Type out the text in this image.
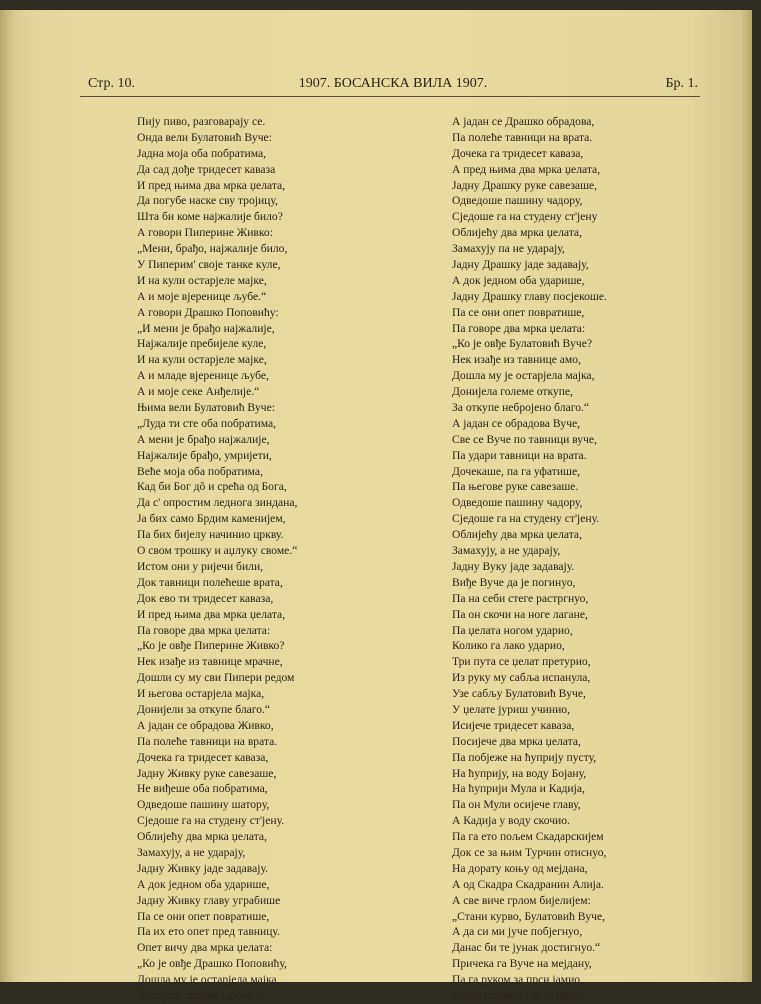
1907. БОСАНСКА ВИЛА 1907.
Стр. 10.	Бр. 1.
Пију пиво, разговарају се.
Онда вели Булатовић Вуче:
Јадна моја оба побратима,
Да сад дође тридесет каваза
И пред њима два мрка џелата,
Да погубе наске сву тројицу,
Шта би коме најжалије било?
А говори Пиперине Живко:
„Мени, брађо, најжалије било,
У Пиперим' своје танке куле,
И на кули остарјеле мајке,
А и моје вјеренице љубе.“
А говори Драшко Поповићу:
„И мени је брађо најжалије,
Најжалије пребијеле куле,
И на кули остарјеле мајке,
А и младе вјеренице љубе,
А и моје секе Анђелије.“
Њима вели Булатовић Вуче:
„Луда ти сте оба побратима,
А мени је брађо најжалије,
Најжалије брађо, умријети,
Веће моја оба побратима,
Кад би Бог дô и срећа од Бога,
Да с' опростим леднога зиндана,
Ја бих само Брдим каменијем,
Па бих бијелу начинио цркву.
О свом трошку и аџлуку своме.“
Истом они у ријечи били,
Док тавници полећеше врата,
Док ево ти тридесет каваза,
И пред њима два мрка џелата,
Па говоре два мрка џелата:
„Ко је овђе Пиперине Живко?
Нек изађе из тавнице мрачне,
Дошли су му сви Пипери редом
И његова остарјела мајка,
Донијели за откупе благо.“
А јадан се обрадова Живко,
Па полеће тавници на врата.
Дочека га тридесет каваза,
Јадну Живку руке савезаше,
Не виђеше оба побратима,
Одведоше пашину шатору,
Сједоше га на студену ст'јену.
Облијећу два мрка џелата,
Замахују, а не ударају,
Јадну Живку јаде задавају.
А док једном оба ударише,
Јадну Живку главу уграбише
Па се они опет повратише,
Па их ето опет пред тавницу.
Опет вичу два мрка џелата:
„Ко је овђе Драшко Поповићу,
Дошла му је остарјела мајка,
Донијела големе одкупе.“
А јадан се Драшко обрадова,
Па полеће тавници на врата.
Дочека га тридесет каваза,
А пред њима два мрка џелата,
Јадну Драшку руке савезаше,
Одведоше пашину чадору,
Сједоше га на студену ст'јену
Облијећу два мрка џелата,
Замахују па не ударају,
Јадну Драшку јаде задавају,
А док једном оба ударише,
Јадну Драшку главу посјекоше.
Па се они опет повратише,
Па говоре два мрка џелата:
„Ко је овђе Булатовић Вуче?
Нек изађе из тавнице амо,
Дошла му је остарјела мајка,
Донијела големе откупе,
За откупе небројено благо.“
А јадан се обрадова Вуче,
Све се Вуче по тавници вуче,
Па удари тавници на врата.
Дочекаше, па га уфатише,
Па његове руке савезаше.
Одведоше пашину чадору,
Сједоше га на студену ст'јену.
Облијећу два мрка џелата,
Замахују, а не ударају,
Јадну Вуку јаде задавају.
Виђе Вуче да је погинуо,
Па на себи стеге растргнуо,
Па он скочи на ноге лагане,
Па џелата ногом ударио,
Колико га лако ударио,
Три пута се џелат претурио,
Из руку му сабља испанула,
Узе сабљу Булатовић Вуче,
У џелате јуриш учинио,
Исијече тридесет каваза,
Посијече два мрка џелата,
Па побјеже на ћуприју пусту,
На ћуприју, на воду Бојану,
На ћуприји Мула и Кадија,
Па он Мули осијече главу,
А Кадија у воду скочио.
Па га ето пољем Скадарскијем
Док се за њим Турчин отиснуо,
На дорату коњу од мејдана,
А од Скадра Скадранин Алија.
А све виче грлом бијелијем:
„Стани курво, Булатовић Вуче,
А да си ми јуче побјегнуо,
Данас би те јунак достигнуо.“
Причека га Вуче на мејдану,
Па га руком за прси јамио,
И Турчином о тли ударио,
